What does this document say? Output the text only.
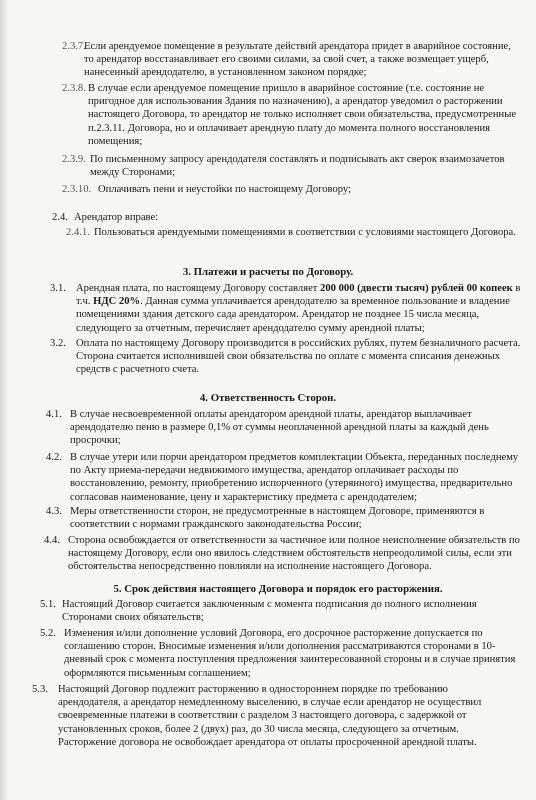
2.3.7.
Если арендуемое помещение в результате действий арендатора придет в аварийное состояние,
то арендатор восстанавливает его своими силами, за свой счет, а также возмещает ущерб,
нанесенный арендодателю, в установленном законом порядке;
2.3.8. В случае если арендуемое помещение пришло в аварийное состояние (т.е. состояние не
пригодное для использования Здания по назначению), а арендатор уведомил о расторжении
настоящего Договора, то арендатор не только исполняет свои обязательства, предусмотренные
п.2.3.11. Договора, но и оплачивает арендную плату до момента полного восстановления
помещения;
2.3.9. По письменному запросу арендодателя составлять и подписывать акт сверок взаимозачетов
между Сторонами;
2.3.10. Оплачивать пени и неустойки по настоящему Договору;
2.4. Арендатор вправе:
2.4.1. Пользоваться арендуемыми помещениями в соответствии с условиями настоящего Договора.
3. Платежи и расчеты по Договору.
3.1. Арендная плата, по настоящему Договору составляет 200 000 (двести тысяч) рублей 00 копеек в
т.ч. НДС 20%. Данная сумма уплачивается арендодателю за временное пользование и владение
помещениями здания детского сада арендатором. Арендатор не позднее 15 числа месяца,
следующего за отчетным, перечисляет арендодателю сумму арендной платы;
3.2. Оплата по настоящему Договору производится в российских рублях, путем безналичного расчета.
Сторона считается исполнившей свои обязательства по оплате с момента списания денежных
средств с расчетного счета.
4. Ответственность Сторон.
4.1. В случае несвоевременной оплаты арендатором арендной платы, арендатор выплачивает
арендодателю пеню в размере 0,1% от суммы неоплаченной арендной платы за каждый день
просрочки;
4.2. В случае утери или порчи арендатором предметов комплектации Объекта, переданных последнему
по Акту приема-передачи недвижимого имущества, арендатор оплачивает расходы по
восстановлению, ремонту, приобретению испорченного (утерянного) имущества, предварительно
согласовав наименование, цену и характеристику предмета с арендодателем;
4.3. Меры ответственности сторон, не предусмотренные в настоящем Договоре, применяются в
соответствии с нормами гражданского законодательства России;
4.4. Сторона освобождается от ответственности за частичное или полное неисполнение обязательств по
настоящему Договору, если оно явилось следствием обстоятельств непреодолимой силы, если эти
обстоятельства непосредственно повлияли на исполнение настоящего Договора.
5. Срок действия настоящего Договора и порядок его расторжения.
5.1. Настоящий Договор считается заключенным с момента подписания до полного исполнения
Сторонами своих обязательств;
5.2. Изменения и/или дополнение условий Договора, его досрочное расторжение допускается по
соглашению сторон. Вносимые изменения и/или дополнения рассматриваются сторонами в 10-
дневный срок с момента поступления предложения заинтересованной стороны и в случае принятия
оформляются письменным соглашением;
5.3. Настоящий Договор подлежит расторжению в одностороннем порядке по требованию
арендодателя, а арендатор немедленному выселению, в случае если арендатор не осуществил
своевременные платежи в соответствии с разделом 3 настоящего договора, с задержкой от
установленных сроков, более 2 (двух) раз, до 30 числа месяца, следующего за отчетным.
Расторжение договора не освобождает арендатора от оплаты просроченной арендной платы.
